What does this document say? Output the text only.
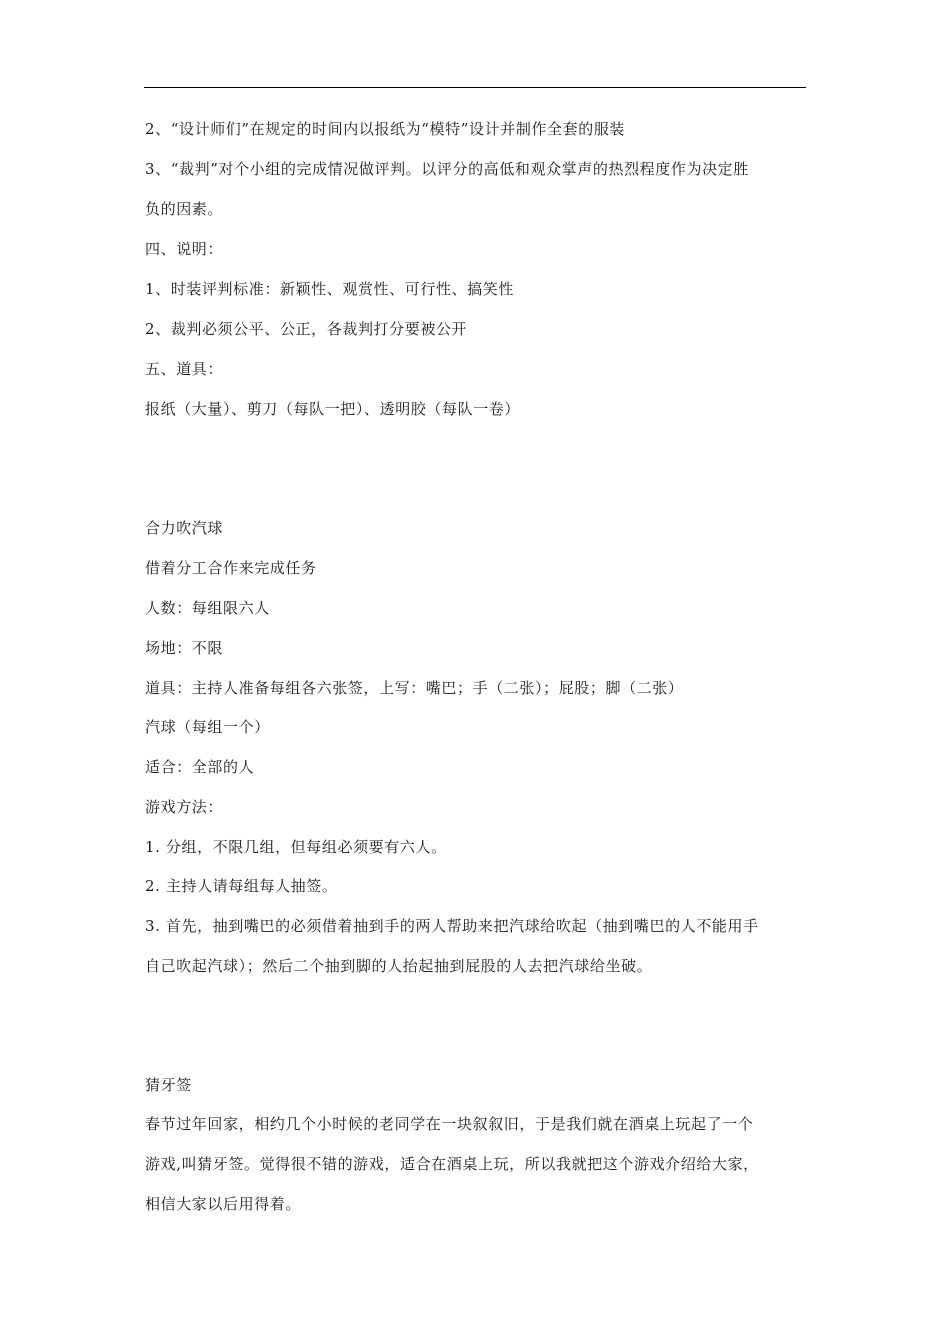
2、“设计师们”在规定的时间内以报纸为“模特”设计并制作全套的服装
3、“裁判”对个小组的完成情况做评判。以评分的高低和观众掌声的热烈程度作为决定胜
负的因素。
四、说明：
1、时装评判标准：新颖性、观赏性、可行性、搞笑性
2、裁判必须公平、公正，各裁判打分要被公开
五、道具：
报纸（大量）、剪刀（每队一把）、透明胶（每队一卷）
合力吹汽球
借着分工合作来完成任务
人数：每组限六人
场地：不限
道具：主持人准备每组各六张签，上写：嘴巴；手（二张）；屁股；脚（二张）
汽球（每组一个）
适合：全部的人
游戏方法：
1. 分组，不限几组，但每组必须要有六人。
2. 主持人请每组每人抽签。
3. 首先，抽到嘴巴的必须借着抽到手的两人帮助来把汽球给吹起（抽到嘴巴的人不能用手
自己吹起汽球）；然后二个抽到脚的人抬起抽到屁股的人去把汽球给坐破。
猜牙签
春节过年回家，相约几个小时候的老同学在一块叙叙旧，于是我们就在酒桌上玩起了一个
游戏,叫猜牙签。觉得很不错的游戏，适合在酒桌上玩，所以我就把这个游戏介绍给大家，
相信大家以后用得着。
